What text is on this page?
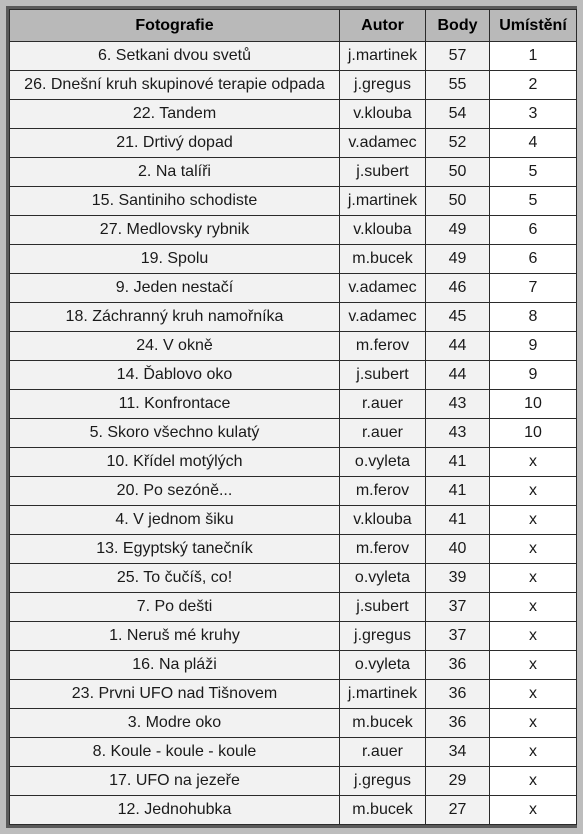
Fotografie	Autor	Body	Umístění
6. Setkani dvou svetů	j.martinek	57	1
26. Dnešní kruh skupinové terapie odpada	j.gregus	55	2
22. Tandem	v.klouba	54	3
21. Drtivý dopad	v.adamec	52	4
2. Na talíři	j.subert	50	5
15. Santiniho schodiste	j.martinek	50	5
27. Medlovsky rybnik	v.klouba	49	6
19. Spolu	m.bucek	49	6
9. Jeden nestačí	v.adamec	46	7
18. Záchranný kruh namořníka	v.adamec	45	8
24. V okně	m.ferov	44	9
14. Ďablovo oko	j.subert	44	9
11. Konfrontace	r.auer	43	10
5. Skoro všechno kulatý	r.auer	43	10
10. Křídel motýlých	o.vyleta	41	x
20. Po sezóně...	m.ferov	41	x
4. V jednom šiku	v.klouba	41	x
13. Egyptský tanečník	m.ferov	40	x
25. To čučíš, co!	o.vyleta	39	x
7. Po dešti	j.subert	37	x
1. Neruš mé kruhy	j.gregus	37	x
16. Na pláži	o.vyleta	36	x
23. Prvni UFO nad Tišnovem	j.martinek	36	x
3. Modre oko	m.bucek	36	x
8. Koule - koule - koule	r.auer	34	x
17. UFO na jezeře	j.gregus	29	x
12. Jednohubka	m.bucek	27	x
